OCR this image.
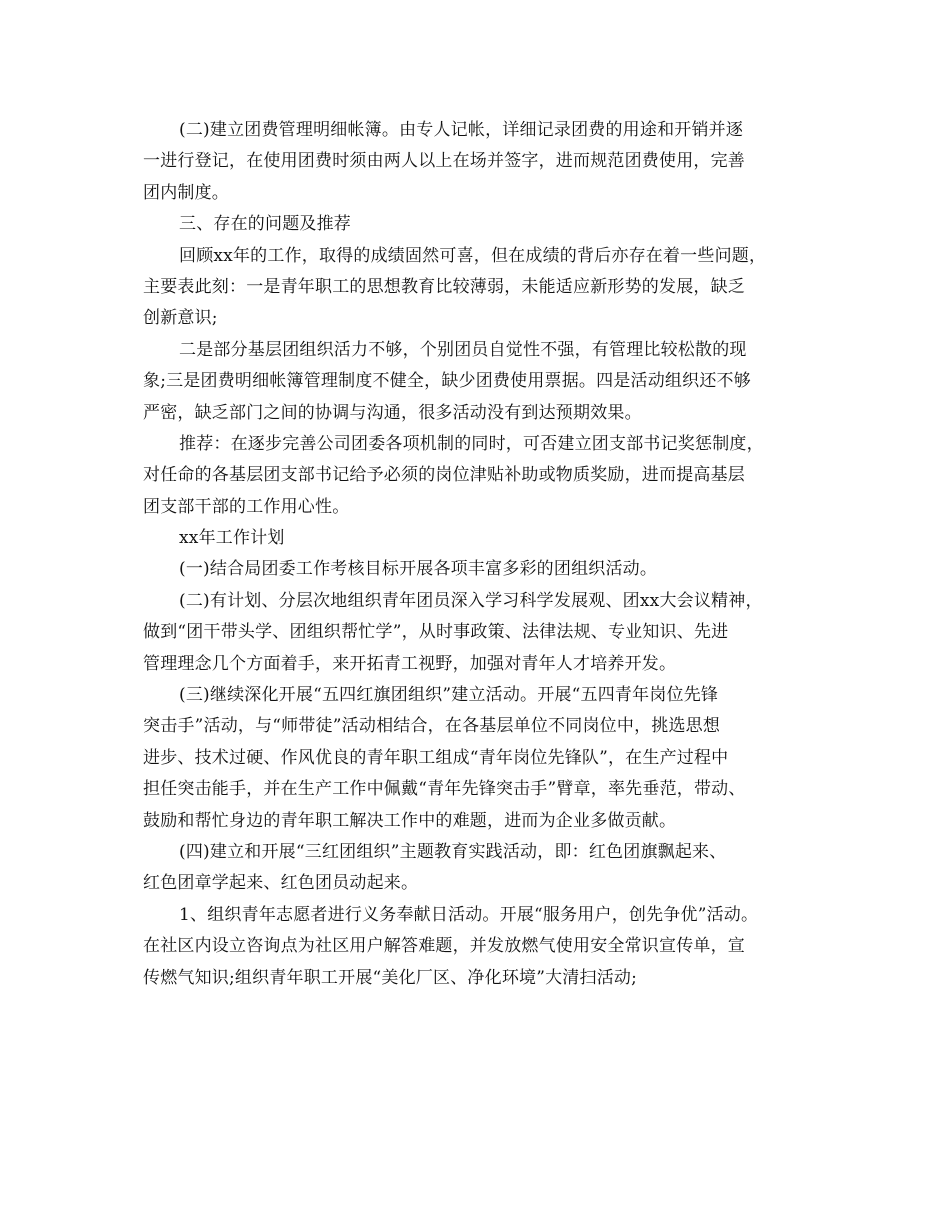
(二)建立团费管理明细帐簿。由专人记帐，详细记录团费的用途和开销并逐
一进行登记，在使用团费时须由两人以上在场并签字，进而规范团费使用，完善
团内制度。
三、存在的问题及推荐
回顾xx年的工作，取得的成绩固然可喜，但在成绩的背后亦存在着一些问题，
主要表此刻：一是青年职工的思想教育比较薄弱，未能适应新形势的发展，缺乏
创新意识;
二是部分基层团组织活力不够，个别团员自觉性不强，有管理比较松散的现
象;三是团费明细帐簿管理制度不健全，缺少团费使用票据。四是活动组织还不够
严密，缺乏部门之间的协调与沟通，很多活动没有到达预期效果。
推荐：在逐步完善公司团委各项机制的同时，可否建立团支部书记奖惩制度，
对任命的各基层团支部书记给予必须的岗位津贴补助或物质奖励，进而提高基层
团支部干部的工作用心性。
xx年工作计划
(一)结合局团委工作考核目标开展各项丰富多彩的团组织活动。
(二)有计划、分层次地组织青年团员深入学习科学发展观、团xx大会议精神，
做到“团干带头学、团组织帮忙学”，从时事政策、法律法规、专业知识、先进
管理理念几个方面着手，来开拓青工视野，加强对青年人才培养开发。
(三)继续深化开展“五四红旗团组织”建立活动。开展“五四青年岗位先锋
突击手”活动，与“师带徒”活动相结合，在各基层单位不同岗位中，挑选思想
进步、技术过硬、作风优良的青年职工组成“青年岗位先锋队”，在生产过程中
担任突击能手，并在生产工作中佩戴“青年先锋突击手”臂章，率先垂范，带动、
鼓励和帮忙身边的青年职工解决工作中的难题，进而为企业多做贡献。
(四)建立和开展“三红团组织”主题教育实践活动，即：红色团旗飘起来、
红色团章学起来、红色团员动起来。
1、组织青年志愿者进行义务奉献日活动。开展“服务用户，创先争优”活动。
在社区内设立咨询点为社区用户解答难题，并发放燃气使用安全常识宣传单，宣
传燃气知识;组织青年职工开展“美化厂区、净化环境”大清扫活动;
